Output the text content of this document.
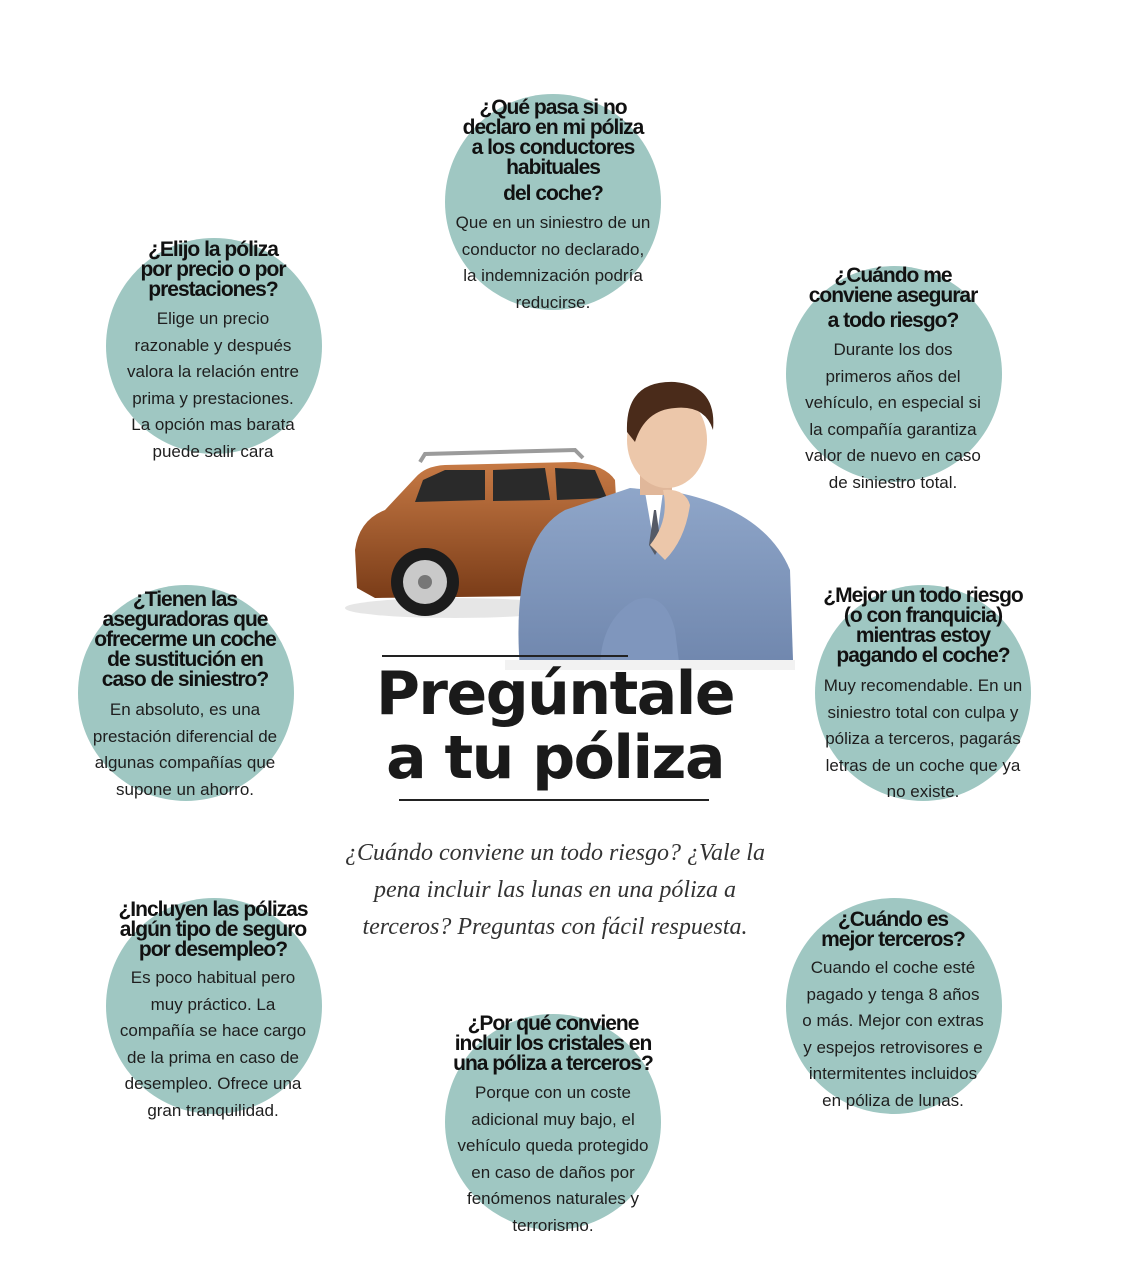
¿Qué pasa si no
declaro en mi póliza
a los conductores
habituales
del coche?
Que en un siniestro de un
conductor no declarado,
la indemnización podría
reducirse.
¿Elijo la póliza
por precio o por
prestaciones?
Elige un precio
razonable y después
valora la relación entre
prima y prestaciones.
La opción mas barata
puede salir cara
¿Cuándo me
conviene asegurar
a todo riesgo?
Durante los dos
primeros años del
vehículo, en especial si
la compañía garantiza
valor de nuevo en caso
de siniestro total.
¿Tienen las
aseguradoras que
ofrecerme un coche
de sustitución en
caso de siniestro?
En absoluto, es una
prestación diferencial de
algunas compañías que
supone un ahorro.
¿Mejor un todo riesgo
(o con franquicia)
mientras estoy
pagando el coche?
Muy recomendable. En un
siniestro total con culpa y
póliza a terceros, pagarás
letras de un coche que ya
no existe.
¿Incluyen las pólizas
algún tipo de seguro
por desempleo?
Es poco habitual pero
muy práctico. La
compañía se hace cargo
de la prima en caso de
desempleo. Ofrece una
gran tranquilidad.
¿Cuándo es
mejor terceros?
Cuando el coche esté
pagado y tenga 8 años
o más. Mejor con extras
y espejos retrovisores e
intermitentes incluidos
en póliza de lunas.
¿Por qué conviene
incluir los cristales en
una póliza a terceros?
Porque con un coste
adicional muy bajo, el
vehículo queda protegido
en caso de daños por
fenómenos naturales y
terrorismo.
Pregúntale
a tu póliza

¿Cuándo conviene un todo riesgo? ¿Vale la pena incluir las lunas en una póliza a terceros? Preguntas con fácil respuesta.
